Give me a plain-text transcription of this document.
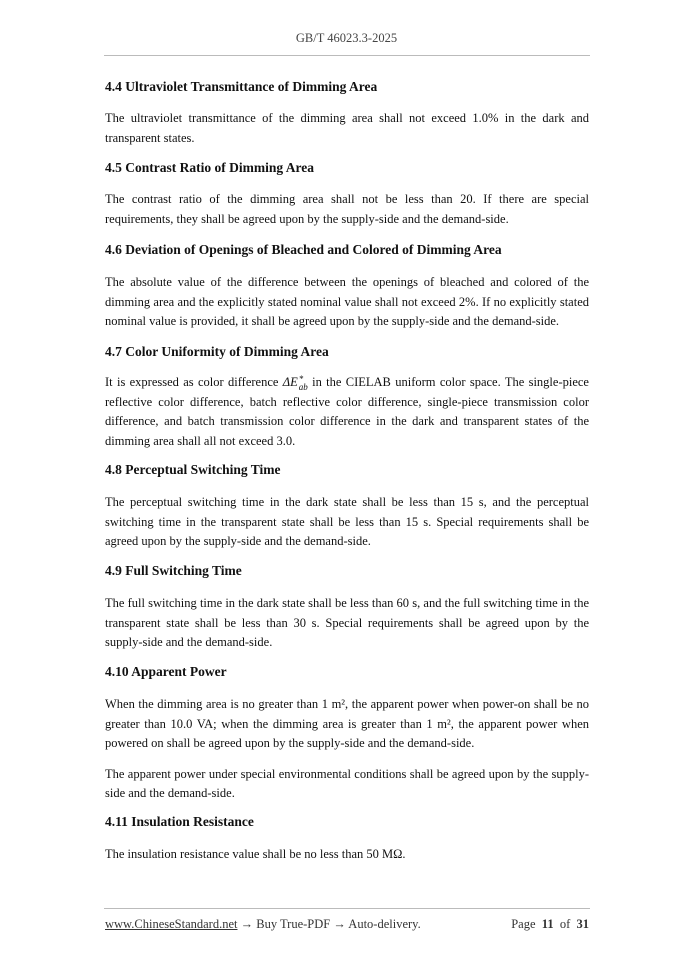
GB/T 46023.3-2025

4.4 Ultraviolet Transmittance of Dimming Area

The ultraviolet transmittance of the dimming area shall not exceed 1.0% in the dark and transparent states.

4.5 Contrast Ratio of Dimming Area

The contrast ratio of the dimming area shall not be less than 20. If there are special requirements, they shall be agreed upon by the supply-side and the demand-side.

4.6 Deviation of Openings of Bleached and Colored of Dimming Area

The absolute value of the difference between the openings of bleached and colored of the dimming area and the explicitly stated nominal value shall not exceed 2%. If no explicitly stated nominal value is provided, it shall be agreed upon by the supply-side and the demand-side.

4.7 Color Uniformity of Dimming Area

It is expressed as color difference ΔE *
ab in the CIELAB uniform color space. The single-piece reflective color difference, batch reflective color difference, single-piece transmission color difference, and batch transmission color difference in the dark and transparent states of the dimming area shall all not exceed 3.0.

4.8 Perceptual Switching Time

The perceptual switching time in the dark state shall be less than 15 s, and the perceptual switching time in the transparent state shall be less than 15 s. Special requirements shall be agreed upon by the supply-side and the demand-side.

4.9 Full Switching Time

The full switching time in the dark state shall be less than 60 s, and the full switching time in the transparent state shall be less than 30 s. Special requirements shall be agreed upon by the supply-side and the demand-side.

4.10 Apparent Power

When the dimming area is no greater than 1 m², the apparent power when power-on shall be no greater than 10.0 VA; when the dimming area is greater than 1 m², the apparent power when powered on shall be agreed upon by the supply-side and the demand-side.

The apparent power under special environmental conditions shall be agreed upon by the supply-side and the demand-side.

4.11 Insulation Resistance

The insulation resistance value shall be no less than 50 MΩ.

www.ChineseStandard.net → Buy True-PDF → Auto-delivery.	Page 11 of 31
